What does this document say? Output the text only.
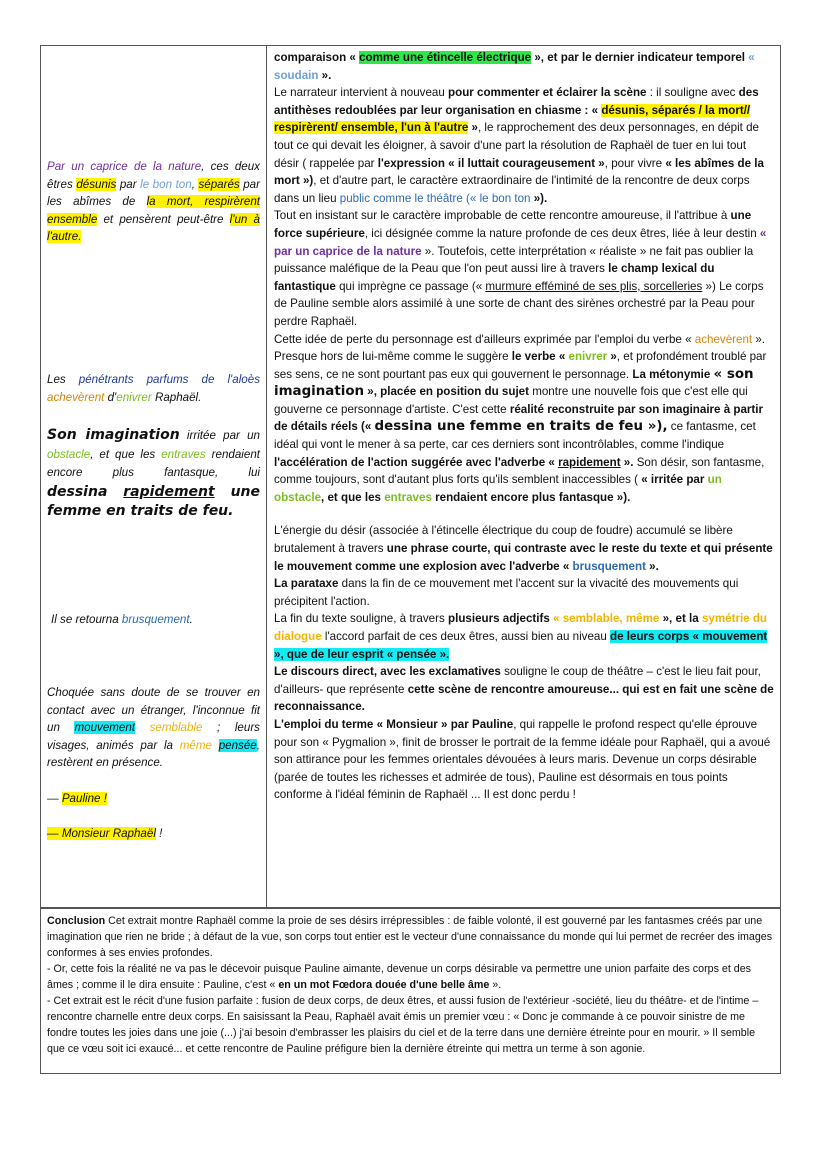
Par un caprice de la nature, ces deux êtres désunis par le bon ton, séparés par les abîmes de la mort, respirèrent ensemble et pensèrent peut-être l'un à l'autre.

Les pénétrants parfums de l'aloès achevèrent d'enivrer Raphaël.

Son imagination irritée par un obstacle, et que les entraves rendaient encore plus fantasque, lui dessina rapidement une femme en traits de feu.

Il se retourna brusquement.

Choquée sans doute de se trouver en contact avec un étranger, l'inconnue fit un mouvement semblable ; leurs visages, animés par la même pensée, restèrent en présence.

— Pauline !

— Monsieur Raphaël !

comparaison « comme une étincelle électrique », et par le dernier indicateur temporel « soudain ».

Le narrateur intervient à nouveau pour commenter et éclairer la scène : il souligne avec des antithèses redoublées par leur organisation en chiasme : « désunis, séparés / la mort// respirèrent/ ensemble, l'un à l'autre », le rapprochement des deux personnages, en dépit de tout ce qui devait les éloigner, à savoir d'une part la résolution de Raphaël de tuer en lui tout désir ( rappelée par l'expression « il luttait courageusement », pour vivre « les abîmes de la mort »), et d'autre part, le caractère extraordinaire de l'intimité de la rencontre de deux corps dans un lieu public comme le théâtre (« le bon ton »).

Tout en insistant sur le caractère improbable de cette rencontre amoureuse, il l'attribue à une force supérieure, ici désignée comme la nature profonde de ces deux êtres, liée à leur destin « par un caprice de la nature ». Toutefois, cette interprétation « réaliste » ne fait pas oublier la puissance maléfique de la Peau que l'on peut aussi lire à travers le champ lexical du fantastique qui imprègne ce passage (« murmure efféminé de ses plis, sorcelleries ») Le corps de Pauline semble alors assimilé à une sorte de chant des sirènes orchestré par la Peau pour perdre Raphaël.

Cette idée de perte du personnage est d'ailleurs exprimée par l'emploi du verbe « achevèrent ».

Presque hors de lui-même comme le suggère le verbe « enivrer », et profondément troublé par ses sens, ce ne sont pourtant pas eux qui gouvernent le personnage. La métonymie « son imagination », placée en position du sujet montre une nouvelle fois que c'est elle qui gouverne ce personnage d'artiste. C'est cette réalité reconstruite par son imaginaire à partir de détails réels (« dessina une femme en traits de feu »), ce fantasme, cet idéal qui vont le mener à sa perte, car ces derniers sont incontrôlables, comme l'indique l'accélération de l'action suggérée avec l'adverbe « rapidement ». Son désir, son fantasme, comme toujours, sont d'autant plus forts qu'ils semblent inaccessibles ( « irritée par un obstacle, et que les entraves rendaient encore plus fantasque »).

L'énergie du désir (associée à l'étincelle électrique du coup de foudre) accumulé se libère brutalement à travers une phrase courte, qui contraste avec le reste du texte et qui présente le mouvement comme une explosion avec l'adverbe « brusquement ».

La parataxe dans la fin de ce mouvement met l'accent sur la vivacité des mouvements qui précipitent l'action.

La fin du texte souligne, à travers plusieurs adjectifs « semblable, même », et la symétrie du dialogue l'accord parfait de ces deux êtres, aussi bien au niveau de leurs corps « mouvement », que de leur esprit « pensée ».

Le discours direct, avec les exclamatives souligne le coup de théâtre – c'est le lieu fait pour, d'ailleurs- que représente cette scène de rencontre amoureuse... qui est en fait une scène de reconnaissance.

L'emploi du terme « Monsieur » par Pauline, qui rappelle le profond respect qu'elle éprouve pour son « Pygmalion », finit de brosser le portrait de la femme idéale pour Raphaël, qui a avoué son attirance pour les femmes orientales dévouées à leurs maris. Devenue un corps désirable (parée de toutes les richesses et admirée de tous), Pauline est désormais en tous points conforme à l'idéal féminin de Raphaël ... Il est donc perdu !

Conclusion Cet extrait montre Raphaël comme la proie de ses désirs irrépressibles : de faible volonté, il est gouverné par les fantasmes créés par une imagination que rien ne bride ; à défaut de la vue, son corps tout entier est le vecteur d'une connaissance du monde qui lui permet de recréer des images conformes à ses envies profondes.

- Or, cette fois la réalité ne va pas le décevoir puisque Pauline aimante, devenue un corps désirable va permettre une union parfaite des corps et des âmes ; comme il le dira ensuite : Pauline, c'est « en un mot Fœdora douée d'une belle âme ».

- Cet extrait est le récit d'une fusion parfaite : fusion de deux corps, de deux êtres, et aussi fusion de l'extérieur -société, lieu du théâtre- et de l'intime – rencontre charnelle entre deux corps. En saisissant la Peau, Raphaël avait émis un premier vœu : « Donc je commande à ce pouvoir sinistre de me fondre toutes les joies dans une joie (...) j'ai besoin d'embrasser les plaisirs du ciel et de la terre dans une dernière étreinte pour en mourir. » Il semble que ce vœu soit ici exaucé... et cette rencontre de Pauline préfigure bien la dernière étreinte qui mettra un terme à son agonie.
